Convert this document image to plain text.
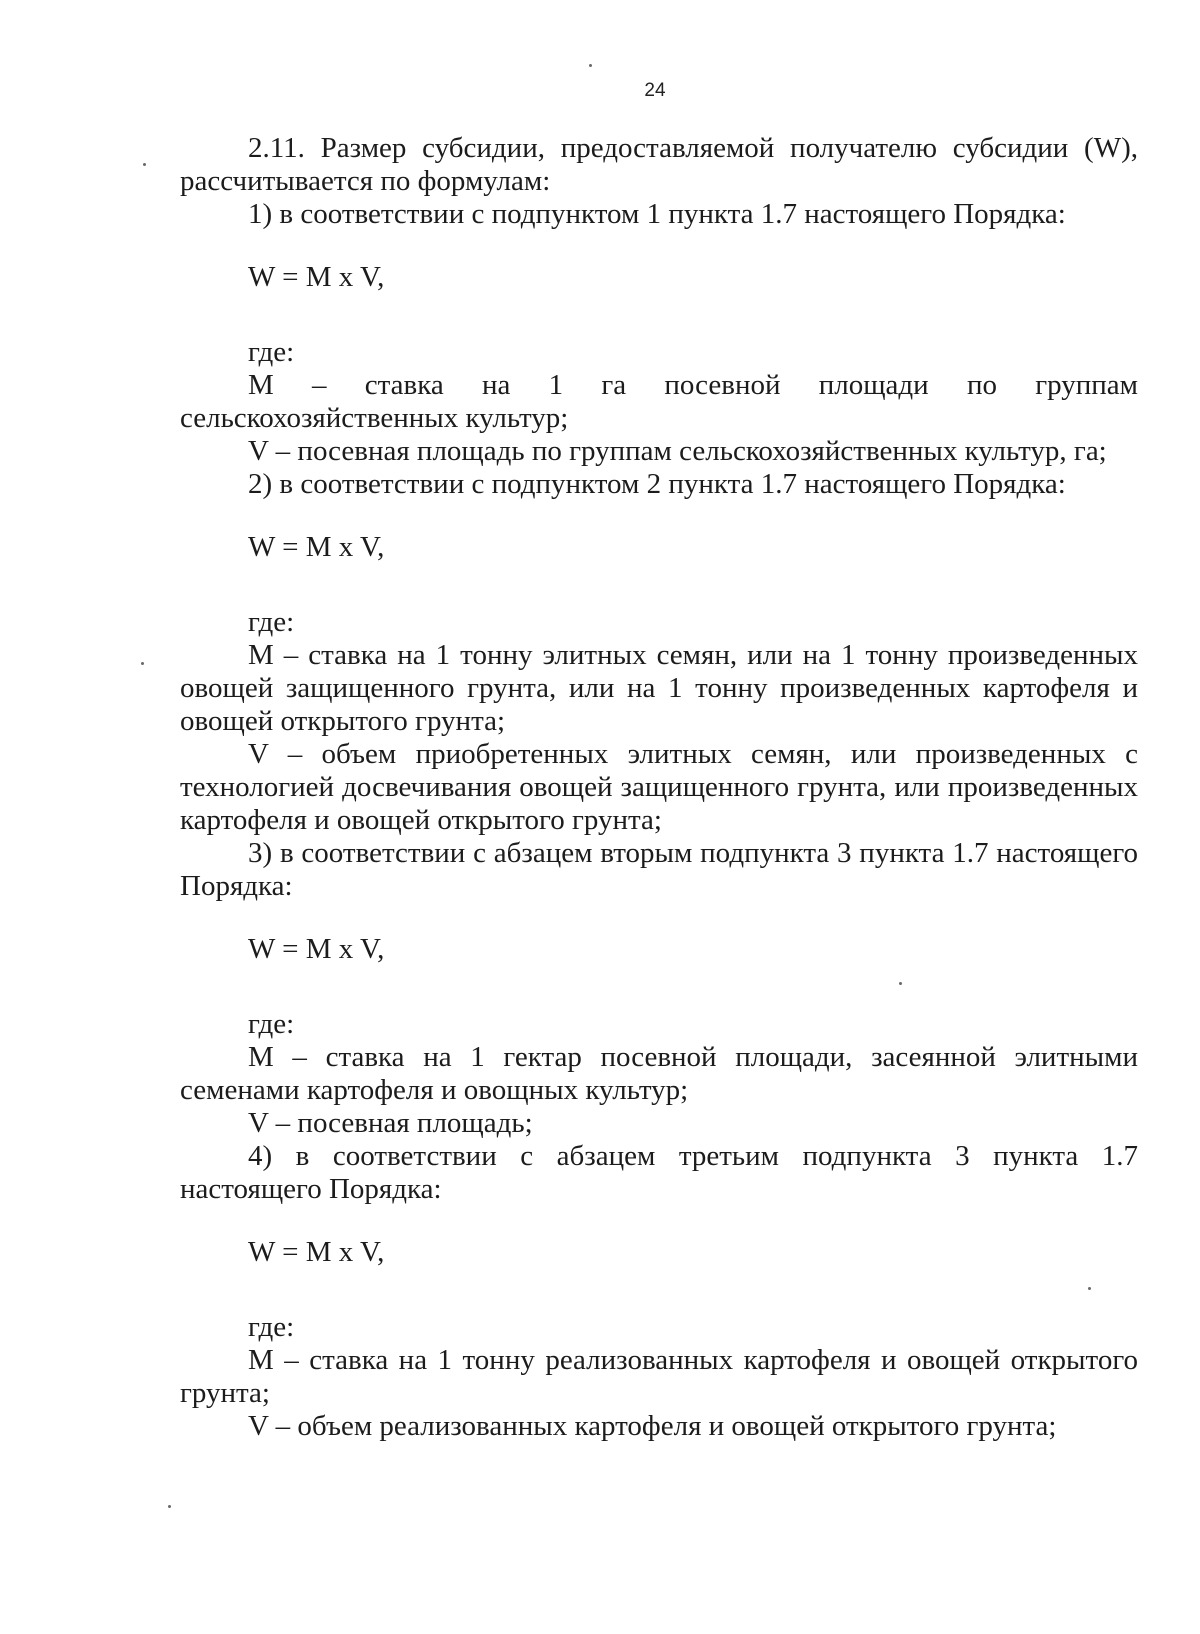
24

2.11. Размер субсидии, предоставляемой получателю субсидии (W), рассчитывается по формулам:

1) в соответствии с подпунктом 1 пункта 1.7 настоящего Порядка:

W = M x V,

где:

M – ставка на 1 га посевной площади по группам сельскохозяйственных культур;

V – посевная площадь по группам сельскохозяйственных культур, га;

2) в соответствии с подпунктом 2 пункта 1.7 настоящего Порядка:

W = M x V,

где:

M – ставка на 1 тонну элитных семян, или на 1 тонну произведенных овощей защищенного грунта, или на 1 тонну произведенных картофеля и овощей открытого грунта;

V – объем приобретенных элитных семян, или произведенных с технологией досвечивания овощей защищенного грунта, или произведенных картофеля и овощей открытого грунта;

3) в соответствии с абзацем вторым подпункта 3 пункта 1.7 настоящего Порядка:

W = M x V,

где:

M – ставка на 1 гектар посевной площади, засеянной элитными семенами картофеля и овощных культур;

V – посевная площадь;

4) в соответствии с абзацем третьим подпункта 3 пункта 1.7 настоящего Порядка:

W = M x V,

где:

M – ставка на 1 тонну реализованных картофеля и овощей открытого грунта;

V – объем реализованных картофеля и овощей открытого грунта;
